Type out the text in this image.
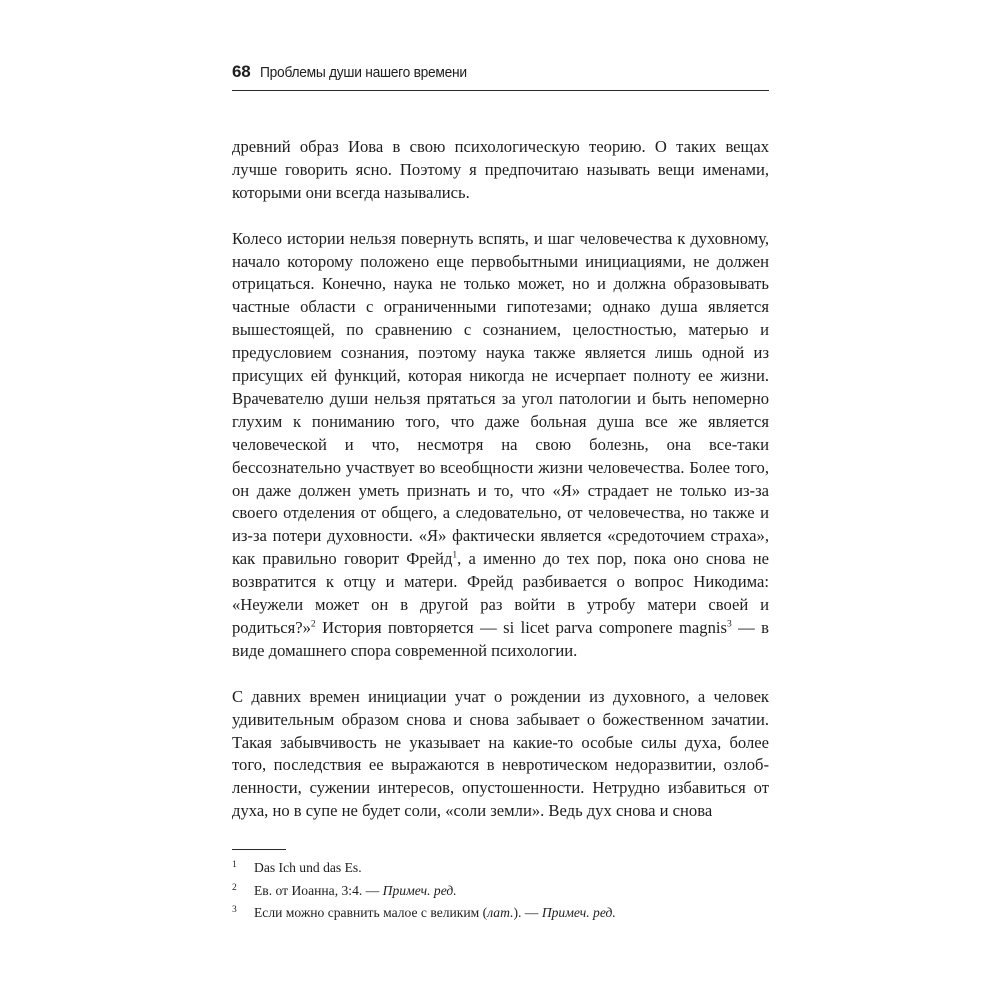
68 Проблемы души нашего времени

древний образ Иова в свою психологическую теорию. О таких вещах лучше говорить ясно. Поэтому я предпочитаю называть вещи именами, которыми они всегда назывались.

Колесо истории нельзя повернуть вспять, и шаг человечества к духовному, начало которому положено еще первобытными инициациями, не должен отрицаться. Конечно, наука не только может, но и должна образовывать частные области с ограниченными гипотезами; однако душа является вышестоящей, по сравнению с сознанием, целостностью, матерью и предусловием сознания, поэтому наука также является лишь одной из присущих ей функций, которая никогда не исчерпает полноту ее жизни. Врачевателю души нельзя прятаться за угол патологии и быть непомерно глухим к пониманию того, что даже больная душа все же является человеческой и что, несмотря на свою болезнь, она все-таки бессознательно участвует во всеобщности жизни человечества. Более того, он даже должен уметь признать и то, что «Я» страдает не только из-за своего отделения от общего, а следовательно, от человечества, но также и из-за потери духовности. «Я» фактически является «средоточием страха», как правильно говорит Фрейд$^1$, а именно до тех пор, пока оно снова не возвратится к отцу и матери. Фрейд разбивается о вопрос Никодима: «Неужели может он в другой раз войти в утробу матери своей и родиться?»$^2$ История повторяется — si licet parva componere magnis$^3$ — в виде домашнего спора современной психологии.

С давних времен инициации учат о рождении из духовного, а человек удивительным образом снова и снова забывает о божественном зачатии. Такая забывчивость не указывает на какие-то особые силы духа, более того, последствия ее выражаются в невротическом недоразвитии, озлобленности, сужении интересов, опустошенности. Нетрудно избавиться от духа, но в супе не будет соли, «соли земли». Ведь дух снова и снова

1	Das Ich und das Es.
2	Ев. от Иоанна, 3:4. — Примеч. ред.
3	Если можно сравнить малое с великим (лат.). — Примеч. ред.
